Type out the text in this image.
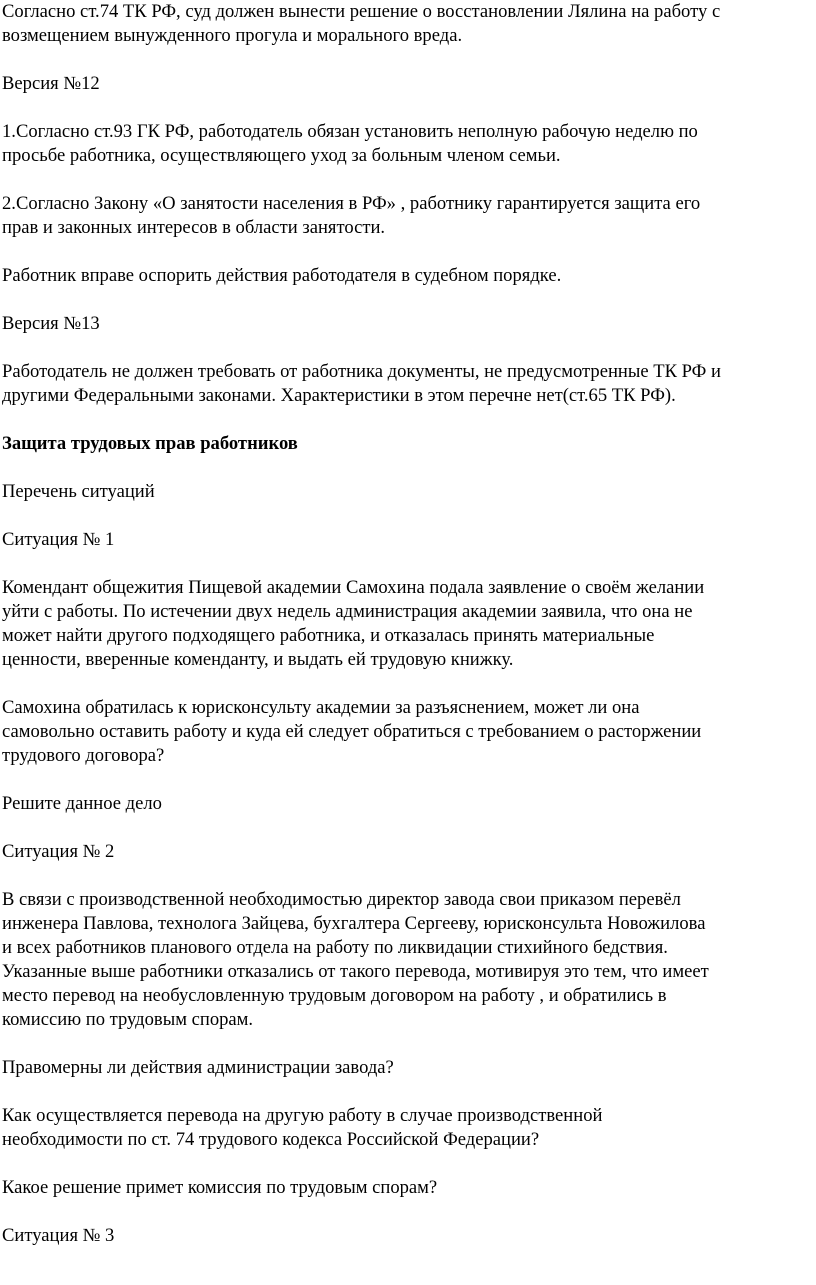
Согласно ст.74 ТК РФ, суд должен вынести решение о восстановлении Лялина на работу с
возмещением вынужденного прогула и морального вреда.

Версия №12

1.Согласно ст.93 ГК РФ, работодатель обязан установить неполную рабочую неделю по
просьбе работника, осуществляющего уход за больным членом семьи.

2.Согласно Закону «О занятости населения в РФ» , работнику гарантируется защита его
прав и законных интересов в области занятости.

Работник вправе оспорить действия работодателя в судебном порядке.

Версия №13

Работодатель не должен требовать от работника документы, не предусмотренные ТК РФ и
другими Федеральными законами. Характеристики в этом перечне нет(ст.65 ТК РФ).

Защита трудовых прав работников

Перечень ситуаций

Ситуация № 1

Комендант общежития Пищевой академии Самохина подала заявление о своём желании
уйти с работы. По истечении двух недель администрация академии заявила, что она не
может найти другого подходящего работника, и отказалась принять материальные
ценности, вверенные коменданту, и выдать ей трудовую книжку.

Самохина обратилась к юрисконсульту академии за разъяснением, может ли она
самовольно оставить работу и куда ей следует обратиться с требованием о расторжении
трудового договора?

Решите данное дело

Ситуация № 2

В связи с производственной необходимостью директор завода свои приказом перевёл
инженера Павлова, технолога Зайцева, бухгалтера Сергееву, юрисконсульта Новожилова
и всех работников планового отдела на работу по ликвидации стихийного бедствия.
Указанные выше работники отказались от такого перевода, мотивируя это тем, что имеет
место перевод на необусловленную трудовым договором на работу , и обратились в
комиссию по трудовым спорам.

Правомерны ли действия администрации завода?

Как осуществляется перевода на другую работу в случае производственной
необходимости по ст. 74 трудового кодекса Российской Федерации?

Какое решение примет комиссия по трудовым спорам?

Ситуация № 3
